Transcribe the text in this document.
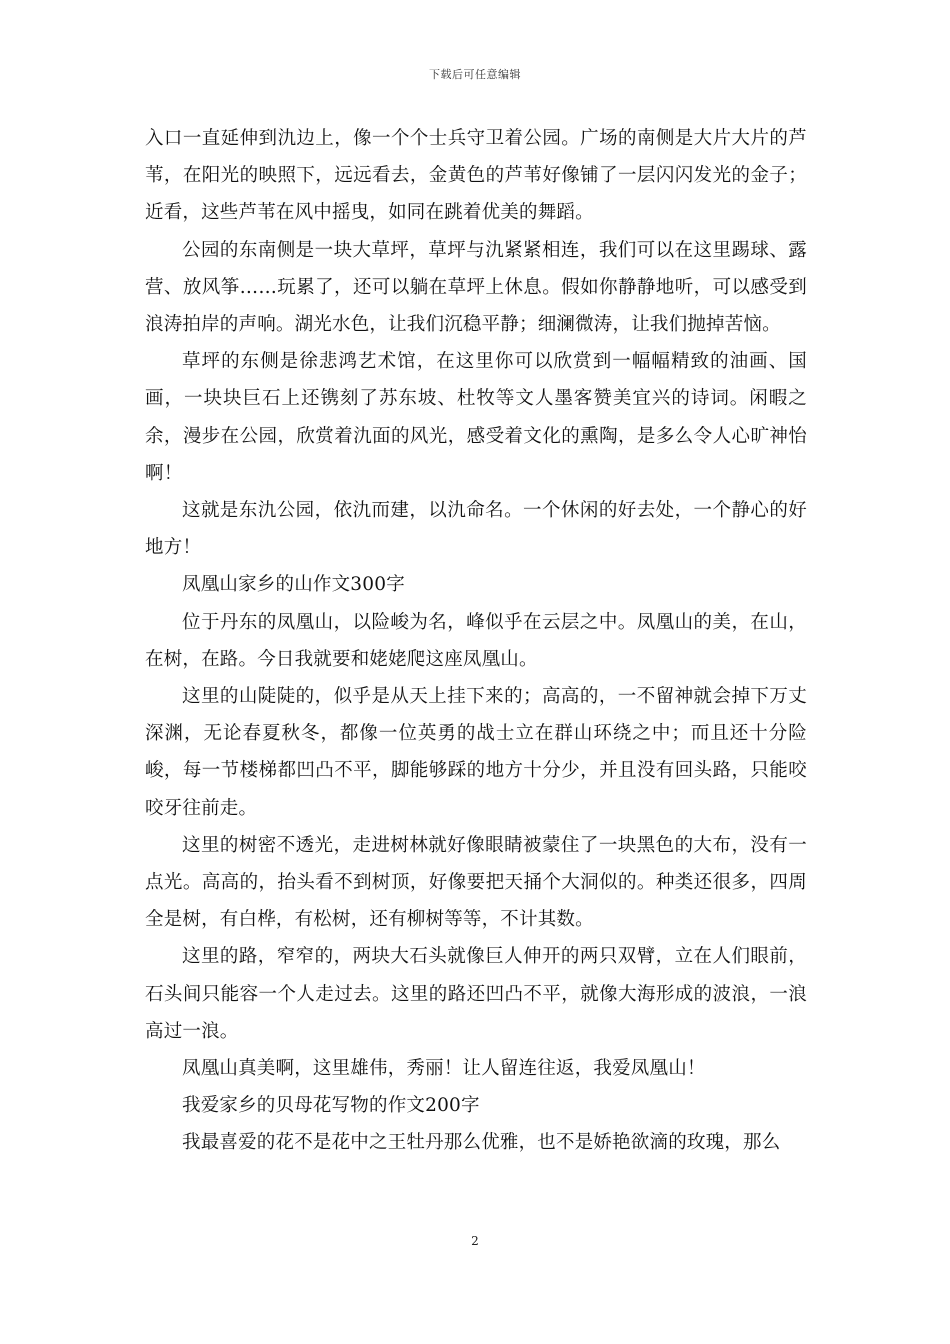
下载后可任意编辑

入口一直延伸到氿边上，像一个个士兵守卫着公园。广场的南侧是大片大片的芦苇，在阳光的映照下，远远看去，金黄色的芦苇好像铺了一层闪闪发光的金子；近看，这些芦苇在风中摇曳，如同在跳着优美的舞蹈。

公园的东南侧是一块大草坪，草坪与氿紧紧相连，我们可以在这里踢球、露营、放风筝……玩累了，还可以躺在草坪上休息。假如你静静地听，可以感受到浪涛拍岸的声响。湖光水色，让我们沉稳平静；细澜微涛，让我们抛掉苦恼。

草坪的东侧是徐悲鸿艺术馆，在这里你可以欣赏到一幅幅精致的油画、国画，一块块巨石上还镌刻了苏东坡、杜牧等文人墨客赞美宜兴的诗词。闲暇之余，漫步在公园，欣赏着氿面的风光，感受着文化的熏陶，是多么令人心旷神怡啊！

这就是东氿公园，依氿而建，以氿命名。一个休闲的好去处，一个静心的好地方！

凤凰山家乡的山作文300字

位于丹东的凤凰山，以险峻为名，峰似乎在云层之中。凤凰山的美，在山，在树，在路。今日我就要和姥姥爬这座凤凰山。

这里的山陡陡的，似乎是从天上挂下来的；高高的，一不留神就会掉下万丈深渊，无论春夏秋冬，都像一位英勇的战士立在群山环绕之中；而且还十分险峻，每一节楼梯都凹凸不平，脚能够踩的地方十分少，并且没有回头路，只能咬咬牙往前走。

这里的树密不透光，走进树林就好像眼睛被蒙住了一块黑色的大布，没有一点光。高高的，抬头看不到树顶，好像要把天捅个大洞似的。种类还很多，四周全是树，有白桦，有松树，还有柳树等等，不计其数。

这里的路，窄窄的，两块大石头就像巨人伸开的两只双臂，立在人们眼前，石头间只能容一个人走过去。这里的路还凹凸不平，就像大海形成的波浪，一浪高过一浪。

凤凰山真美啊，这里雄伟，秀丽！让人留连往返，我爱凤凰山！

我爱家乡的贝母花写物的作文200字

我最喜爱的花不是花中之王牡丹那么优雅，也不是娇艳欲滴的玫瑰，那么

2
